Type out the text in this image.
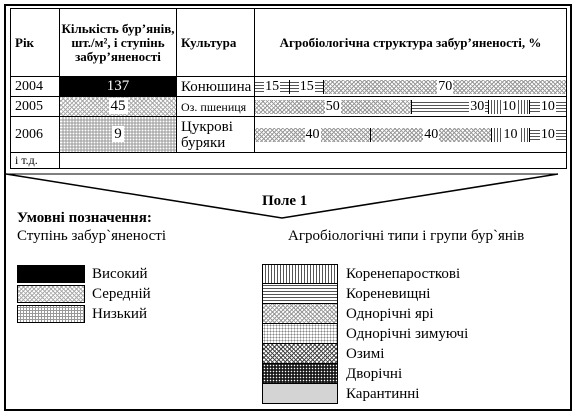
Рік	Кількість бур’янів, шт./м², і ступінь забур’яненості	Культура	Агробіологічна структура забур’яненості, %
2004	137	Конюшина	15 15 70

2005	45	Оз. пшениця	50 30 10 10

2006	9	Цукрові буряки	40 40 10 10

і т.д.			
Поле 1
Умовні позначення:
Ступінь забур`яненості	Агробіологічні типи і групи бур`янів
Високий
Середній
Низький
Коренепаросткові
Кореневищні
Однорічні ярі
Однорічні зимуючі
Озимі
Дворічні
Карантинні
